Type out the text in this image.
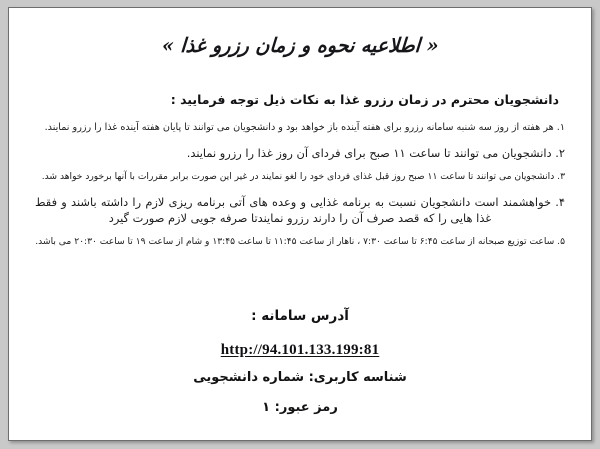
« اطلاعیه نحوه و زمان رزرو غذا »
دانشجویان محترم در زمان رزرو غذا به نکات ذیل توجه فرمایید :
۱. هر هفته از روز سه شنبه سامانه رزرو برای هفته آینده باز خواهد بود و دانشجویان می توانند تا پایان هفته آینده غذا را رزرو نمایند.
۲. دانشجویان می توانند تا ساعت ۱۱ صبح برای فردای آن روز غذا را رزرو نمایند.
۳. دانشجویان می توانند تا ساعت ۱۱ صبح روز قبل غذای فردای خود را لغو نمایند در غیر این صورت برابر مقررات با آنها برخورد خواهد شد.
۴. خواهشمند است دانشجویان نسبت به برنامه غذایی و وعده های آتی برنامه ریزی لازم را داشته باشند و فقط غذا هایی را که قصد صرف آن را دارند رزرو نمایندتا صرفه جویی لازم صورت گیرد
۵. ساعت توزیع صبحانه از ساعت ۶:۴۵ تا ساعت ۷:۳۰ ، ناهار از ساعت ۱۱:۴۵ تا ساعت ۱۳:۴۵ و شام از ساعت ۱۹ تا ساعت ۲۰:۳۰ می باشد.
آدرس سامانه :
http://94.101.133.199:81
شناسه کاربری: شماره دانشجویی
رمز عبور: ۱
